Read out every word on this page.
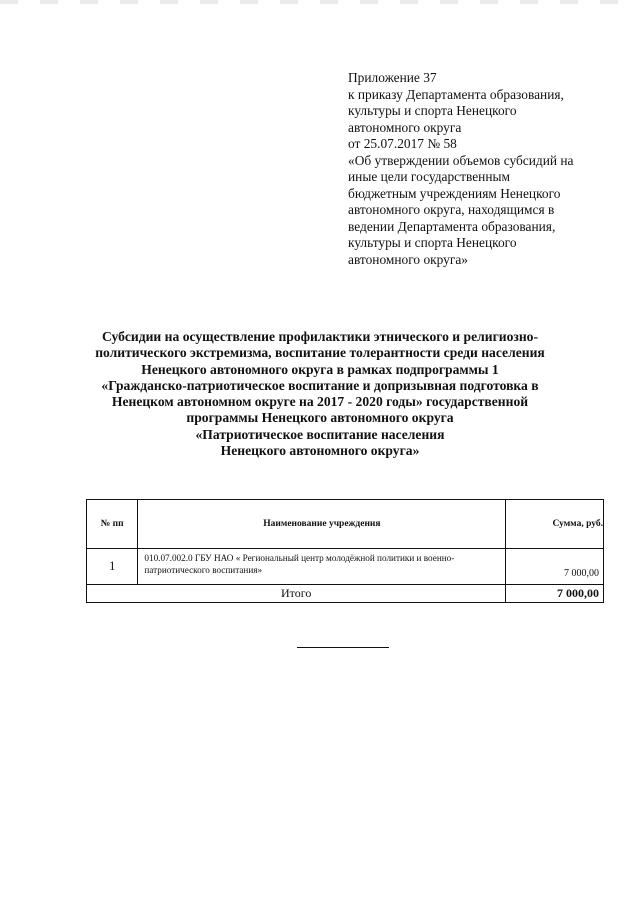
Приложение 37
к приказу Департамента образования,
культуры и спорта Ненецкого
автономного округа
от 25.07.2017 № 58
«Об утверждении объемов субсидий на
иные цели государственным
бюджетным учреждениям Ненецкого
автономного округа, находящимся в
ведении Департамента образования,
культуры и спорта Ненецкого
автономного округа»
Субсидии на осуществление профилактики этнического и религиозно-
политического экстремизма, воспитание толерантности среди населения
Ненецкого автономного округа в рамках подпрограммы 1
«Гражданско-патриотическое воспитание и допризывная подготовка в
Ненецком автономном округе на 2017 - 2020 годы» государственной
программы Ненецкого автономного округа
«Патриотическое воспитание населения
Ненецкого автономного округа»
№ пп	Наименование учреждения	Сумма, руб.
1	010.07.002.0 ГБУ НАО « Региональный центр молодёжной политики и военно-патриотического воспитания»	7 000,00
Итого		7 000,00
